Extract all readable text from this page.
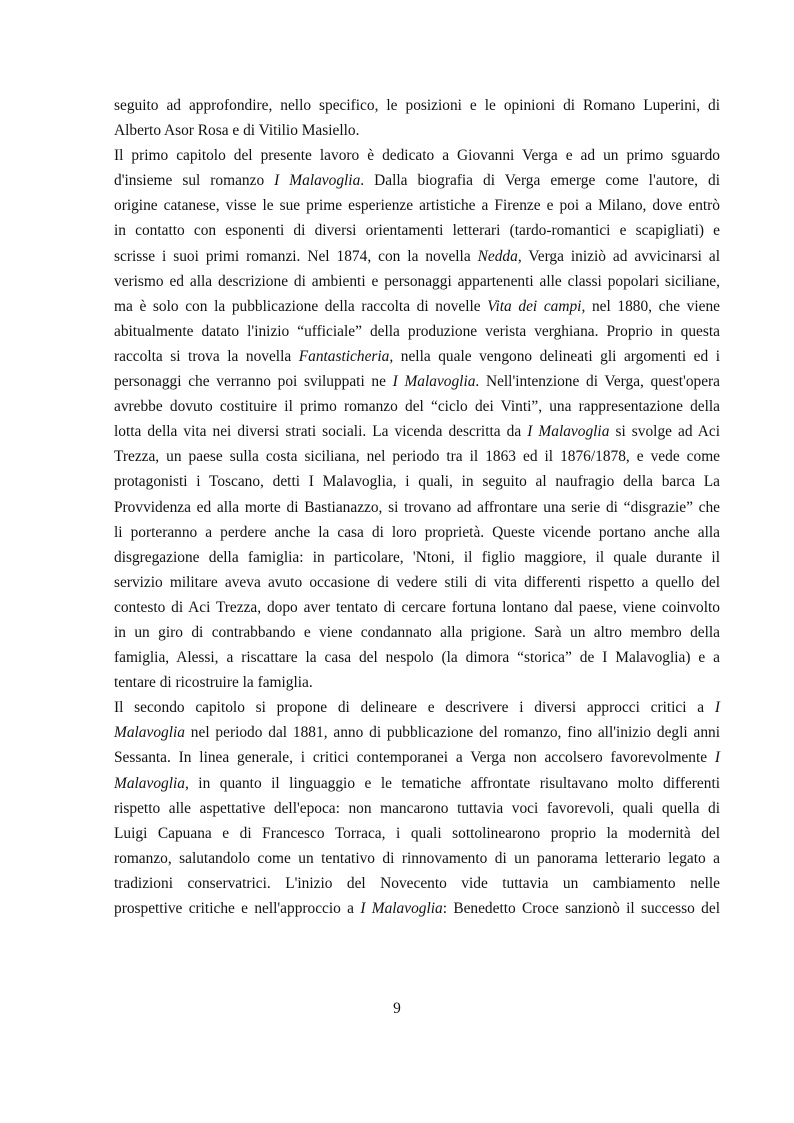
seguito ad approfondire, nello specifico, le posizioni e le opinioni di Romano Luperini, di
Alberto Asor Rosa e di Vitilio Masiello.

Il primo capitolo del presente lavoro è dedicato a Giovanni Verga e ad un primo sguardo
d'insieme sul romanzo I Malavoglia. Dalla biografia di Verga emerge come l'autore, di
origine catanese, visse le sue prime esperienze artistiche a Firenze e poi a Milano, dove entrò
in contatto con esponenti di diversi orientamenti letterari (tardo-romantici e scapigliati) e
scrisse i suoi primi romanzi. Nel 1874, con la novella Nedda, Verga iniziò ad avvicinarsi al
verismo ed alla descrizione di ambienti e personaggi appartenenti alle classi popolari siciliane,
ma è solo con la pubblicazione della raccolta di novelle Vita dei campi, nel 1880, che viene
abitualmente datato l'inizio “ufficiale” della produzione verista verghiana. Proprio in questa
raccolta si trova la novella Fantasticheria, nella quale vengono delineati gli argomenti ed i
personaggi che verranno poi sviluppati ne I Malavoglia. Nell'intenzione di Verga, quest'opera
avrebbe dovuto costituire il primo romanzo del “ciclo dei Vinti”, una rappresentazione della
lotta della vita nei diversi strati sociali. La vicenda descritta da I Malavoglia si svolge ad Aci
Trezza, un paese sulla costa siciliana, nel periodo tra il 1863 ed il 1876/1878, e vede come
protagonisti i Toscano, detti I Malavoglia, i quali, in seguito al naufragio della barca La
Provvidenza ed alla morte di Bastianazzo, si trovano ad affrontare una serie di “disgrazie” che
li porteranno a perdere anche la casa di loro proprietà. Queste vicende portano anche alla
disgregazione della famiglia: in particolare, 'Ntoni, il figlio maggiore, il quale durante il
servizio militare aveva avuto occasione di vedere stili di vita differenti rispetto a quello del
contesto di Aci Trezza, dopo aver tentato di cercare fortuna lontano dal paese, viene coinvolto
in un giro di contrabbando e viene condannato alla prigione. Sarà un altro membro della
famiglia, Alessi, a riscattare la casa del nespolo (la dimora “storica” de I Malavoglia) e a
tentare di ricostruire la famiglia.

Il secondo capitolo si propone di delineare e descrivere i diversi approcci critici a I
Malavoglia nel periodo dal 1881, anno di pubblicazione del romanzo, fino all'inizio degli anni
Sessanta. In linea generale, i critici contemporanei a Verga non accolsero favorevolmente I
Malavoglia, in quanto il linguaggio e le tematiche affrontate risultavano molto differenti
rispetto alle aspettative dell'epoca: non mancarono tuttavia voci favorevoli, quali quella di
Luigi Capuana e di Francesco Torraca, i quali sottolinearono proprio la modernità del
romanzo, salutandolo come un tentativo di rinnovamento di un panorama letterario legato a
tradizioni conservatrici. L'inizio del Novecento vide tuttavia un cambiamento nelle
prospettive critiche e nell'approccio a I Malavoglia: Benedetto Croce sanzionò il successo del

9
